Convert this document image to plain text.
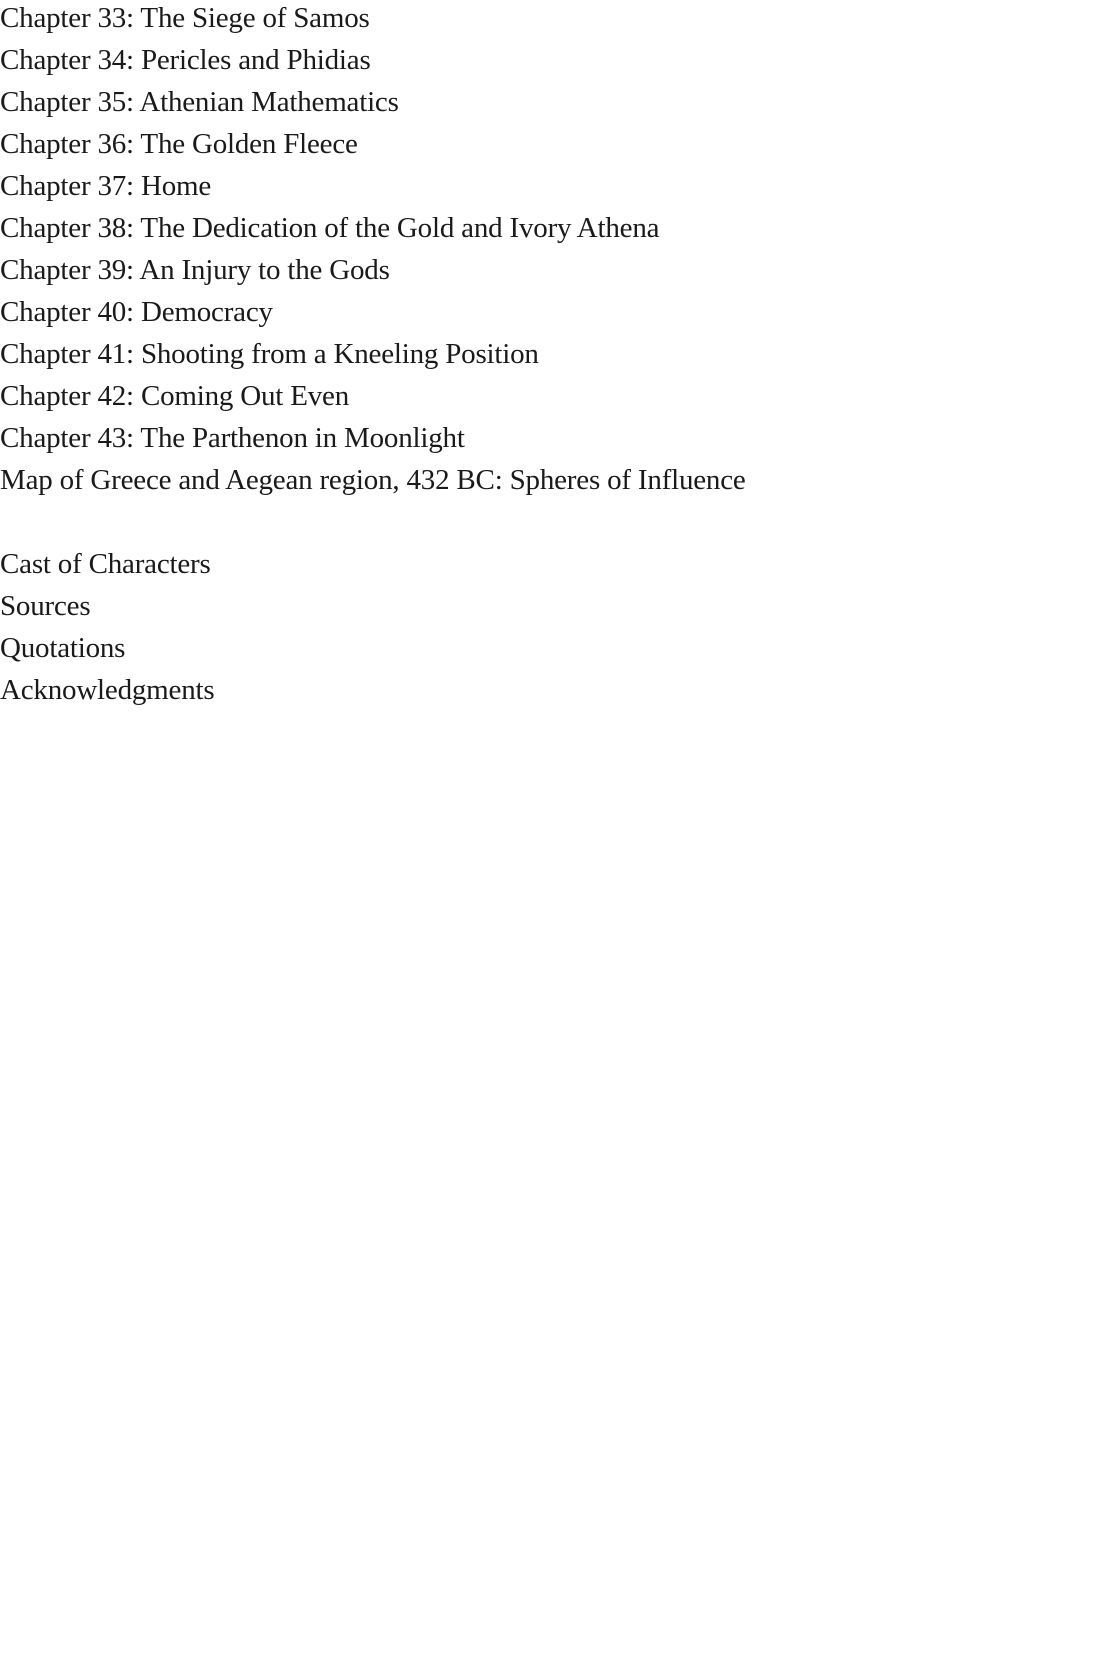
Chapter 33: The Siege of Samos
Chapter 34: Pericles and Phidias
Chapter 35: Athenian Mathematics
Chapter 36: The Golden Fleece
Chapter 37: Home
Chapter 38: The Dedication of the Gold and Ivory Athena
Chapter 39: An Injury to the Gods
Chapter 40: Democracy
Chapter 41: Shooting from a Kneeling Position
Chapter 42: Coming Out Even
Chapter 43: The Parthenon in Moonlight
Map of Greece and Aegean region, 432 BC: Spheres of Influence
Cast of Characters
Sources
Quotations
Acknowledgments
